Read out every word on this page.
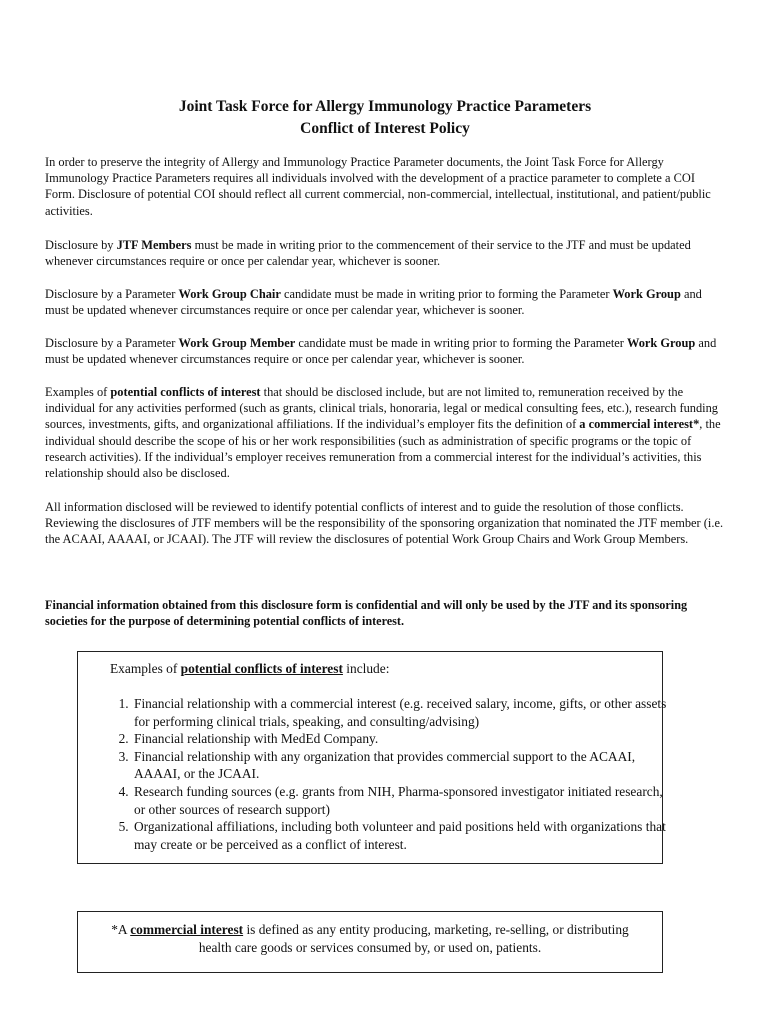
Joint Task Force for Allergy Immunology Practice Parameters
Conflict of Interest Policy

In order to preserve the integrity of Allergy and Immunology Practice Parameter documents, the Joint Task Force for Allergy Immunology Practice Parameters requires all individuals involved with the development of a practice parameter to complete a COI Form. Disclosure of potential COI should reflect all current commercial, non-commercial, intellectual, institutional, and patient/public activities.

Disclosure by JTF Members must be made in writing prior to the commencement of their service to the JTF and must be updated whenever circumstances require or once per calendar year, whichever is sooner.

Disclosure by a Parameter Work Group Chair candidate must be made in writing prior to forming the Parameter Work Group and must be updated whenever circumstances require or once per calendar year, whichever is sooner.

Disclosure by a Parameter Work Group Member candidate must be made in writing prior to forming the Parameter Work Group and must be updated whenever circumstances require or once per calendar year, whichever is sooner.

Examples of potential conflicts of interest that should be disclosed include, but are not limited to, remuneration received by the individual for any activities performed (such as grants, clinical trials, honoraria, legal or medical consulting fees, etc.), research funding sources, investments, gifts, and organizational affiliations. If the individual’s employer fits the definition of a commercial interest*, the individual should describe the scope of his or her work responsibilities (such as administration of specific programs or the topic of research activities). If the individual’s employer receives remuneration from a commercial interest for the individual’s activities, this relationship should also be disclosed.

All information disclosed will be reviewed to identify potential conflicts of interest and to guide the resolution of those conflicts. Reviewing the disclosures of JTF members will be the responsibility of the sponsoring organization that nominated the JTF member (i.e. the ACAAI, AAAAI, or JCAAI). The JTF will review the disclosures of potential Work Group Chairs and Work Group Members.

Financial information obtained from this disclosure form is confidential and will only be used by the JTF and its sponsoring societies for the purpose of determining potential conflicts of interest.

Examples of potential conflicts of interest include:

1. Financial relationship with a commercial interest (e.g. received salary, income, gifts, or other assets for performing clinical trials, speaking, and consulting/advising)
2. Financial relationship with MedEd Company.
3. Financial relationship with any organization that provides commercial support to the ACAAI, AAAAI, or the JCAAI.
4. Research funding sources (e.g. grants from NIH, Pharma-sponsored investigator initiated research, or other sources of research support)
5. Organizational affiliations, including both volunteer and paid positions held with organizations that may create or be perceived as a conflict of interest.
*A commercial interest is defined as any entity producing, marketing, re-selling, or distributing health care goods or services consumed by, or used on, patients.
